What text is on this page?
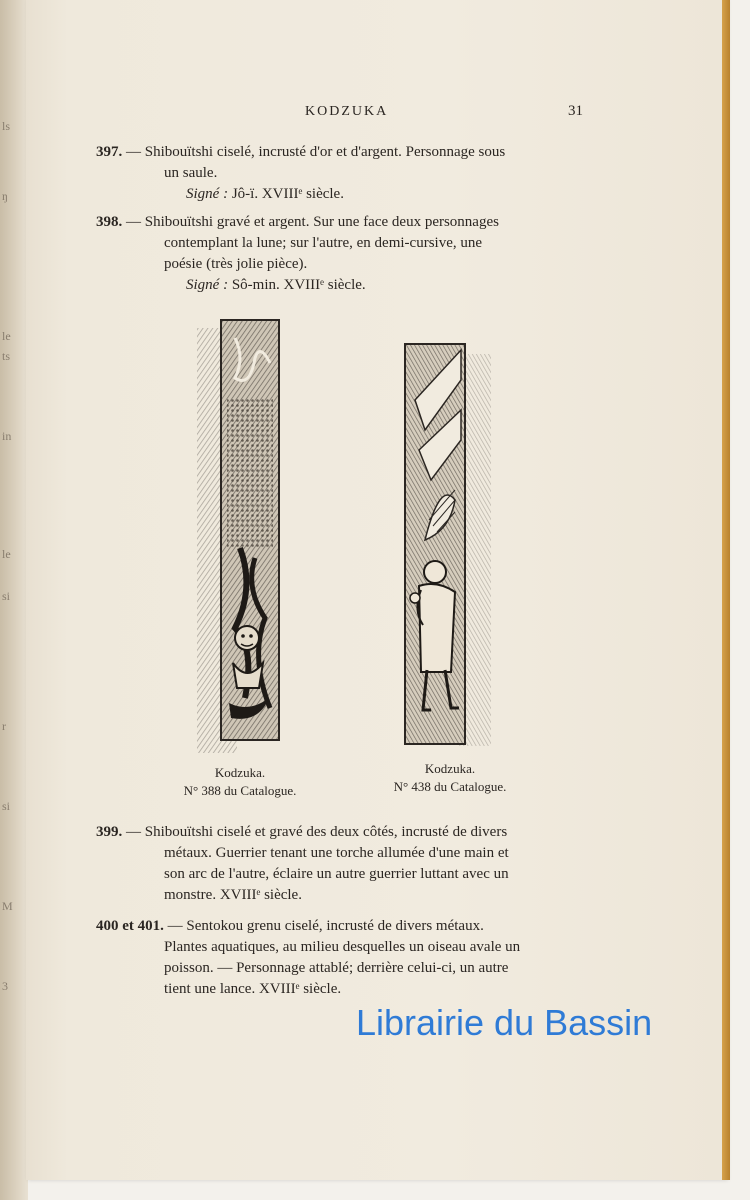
ls
ŋ
le
ts
in
le
si
r
si
M
3
KODZUKA	31
397. — Shibouïtshi ciselé, incrusté d'or et d'argent. Personnage sous
un saule.
Signé : Jô-ï. XVIIIᵉ siècle.
398. — Shibouïtshi gravé et argent. Sur une face deux personnages
contemplant la lune; sur l'autre, en demi-cursive, une
poésie (très jolie pièce).
Signé : Sô-min. XVIIIᵉ siècle.
Kodzuka.
N° 388 du Catalogue.
Kodzuka.
N° 438 du Catalogue.
399. — Shibouïtshi ciselé et gravé des deux côtés, incrusté de divers
métaux. Guerrier tenant une torche allumée d'une main et
son arc de l'autre, éclaire un autre guerrier luttant avec un
monstre. XVIIIᵉ siècle.
400 et 401. — Sentokou grenu ciselé, incrusté de divers métaux.
Plantes aquatiques, au milieu desquelles un oiseau avale un
poisson. — Personnage attablé; derrière celui-ci, un autre
tient une lance. XVIIIᵉ siècle.
Librairie du Bassin
